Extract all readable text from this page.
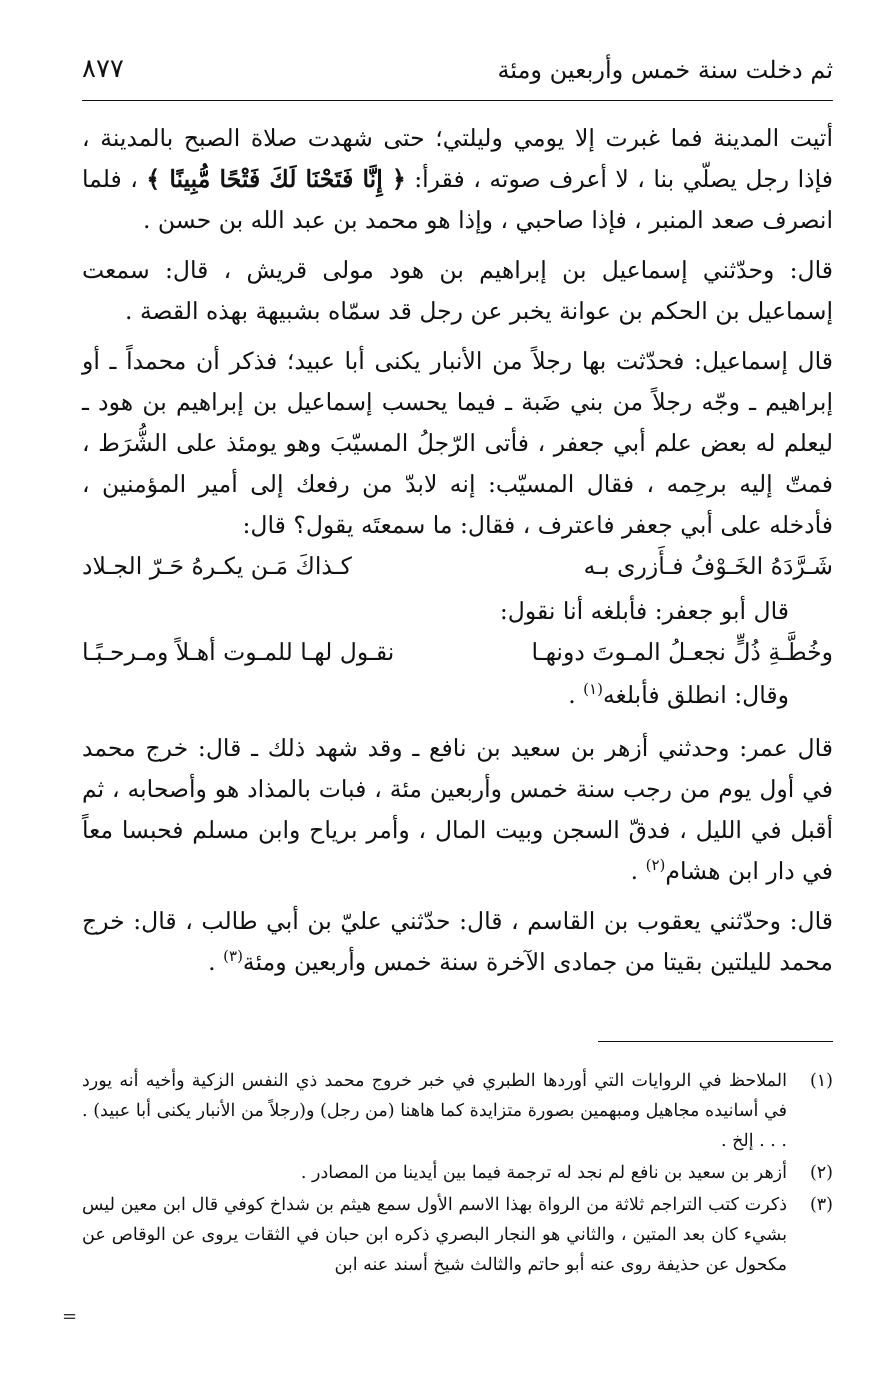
ثم دخلت سنة خمس وأربعين ومئة
٨٧٧

أتيت المدينة فما غبرت إلا يومي وليلتي؛ حتى شهدت صلاة الصبح بالمدينة ، فإذا رجل يصلّي بنا ، لا أعرف صوته ، فقرأ: ﴿ إِنَّا فَتَحْنَا لَكَ فَتْحًا مُّبِينًا ﴾ ، فلما انصرف صعد المنبر ، فإذا صاحبي ، وإذا هو محمد بن عبد الله بن حسن .

قال: وحدّثني إسماعيل بن إبراهيم بن هود مولى قريش ، قال: سمعت إسماعيل بن الحكم بن عوانة يخبر عن رجل قد سمّاه بشبيهة بهذه القصة .

قال إسماعيل: فحدّثت بها رجلاً من الأنبار يكنى أبا عبيد؛ فذكر أن محمداً ـ أو إبراهيم ـ وجّه رجلاً من بني ضَبة ـ فيما يحسب إسماعيل بن إبراهيم بن هود ـ ليعلم له بعض علم أبي جعفر ، فأتى الرّجلُ المسيّبَ وهو يومئذ على الشُّرَط ، فمتّ إليه برحِمه ، فقال المسيّب: إنه لابدّ من رفعك إلى أمير المؤمنين ، فأدخله على أبي جعفر فاعترف ، فقال: ما سمعتَه يقول؟ قال:

شَـرَّدَهُ الخَـوْفُ فـأَزرى بـه
كـذاكَ مَـن يكـرهُ حَـرّ الجـلاد

قال أبو جعفر: فأبلغه أنا نقول:

وخُطَّـةِ ذُلٍّ نجعـلُ المـوتَ دونهـا
نقـول لهـا للمـوت أهـلاً ومـرحـبًـا

وقال: انطلق فأبلغه$^{(١)}$ .

قال عمر: وحدثني أزهر بن سعيد بن نافع ـ وقد شهد ذلك ـ قال: خرج محمد في أول يوم من رجب سنة خمس وأربعين مئة ، فبات بالمذاد هو وأصحابه ، ثم أقبل في الليل ، فدقّ السجن وبيت المال ، وأمر برياح وابن مسلم فحبسا معاً في دار ابن هشام$^{(٢)}$ .

قال: وحدّثني يعقوب بن القاسم ، قال: حدّثني عليّ بن أبي طالب ، قال: خرج محمد لليلتين بقيتا من جمادى الآخرة سنة خمس وأربعين ومئة$^{(٣)}$ .

(١)
الملاحظ في الروايات التي أوردها الطبري في خبر خروج محمد ذي النفس الزكية وأخيه أنه يورد في أسانيده مجاهيل ومبهمين بصورة متزايدة كما هاهنا (من رجل) و(رجلاً من الأنبار يكنى أبا عبيد) . . . . إلخ .
(٢)
أزهر بن سعيد بن نافع لم نجد له ترجمة فيما بين أيدينا من المصادر .
(٣)
ذكرت كتب التراجم ثلاثة من الرواة بهذا الاسم الأول سمع هيثم بن شداخ كوفي قال ابن معين ليس بشيء كان بعد المتين ، والثاني هو النجار البصري ذكره ابن حبان في الثقات يروى عن الوقاص عن مكحول عن حذيفة روى عنه أبو حاتم والثالث شيخ أسند عنه ابن
=
